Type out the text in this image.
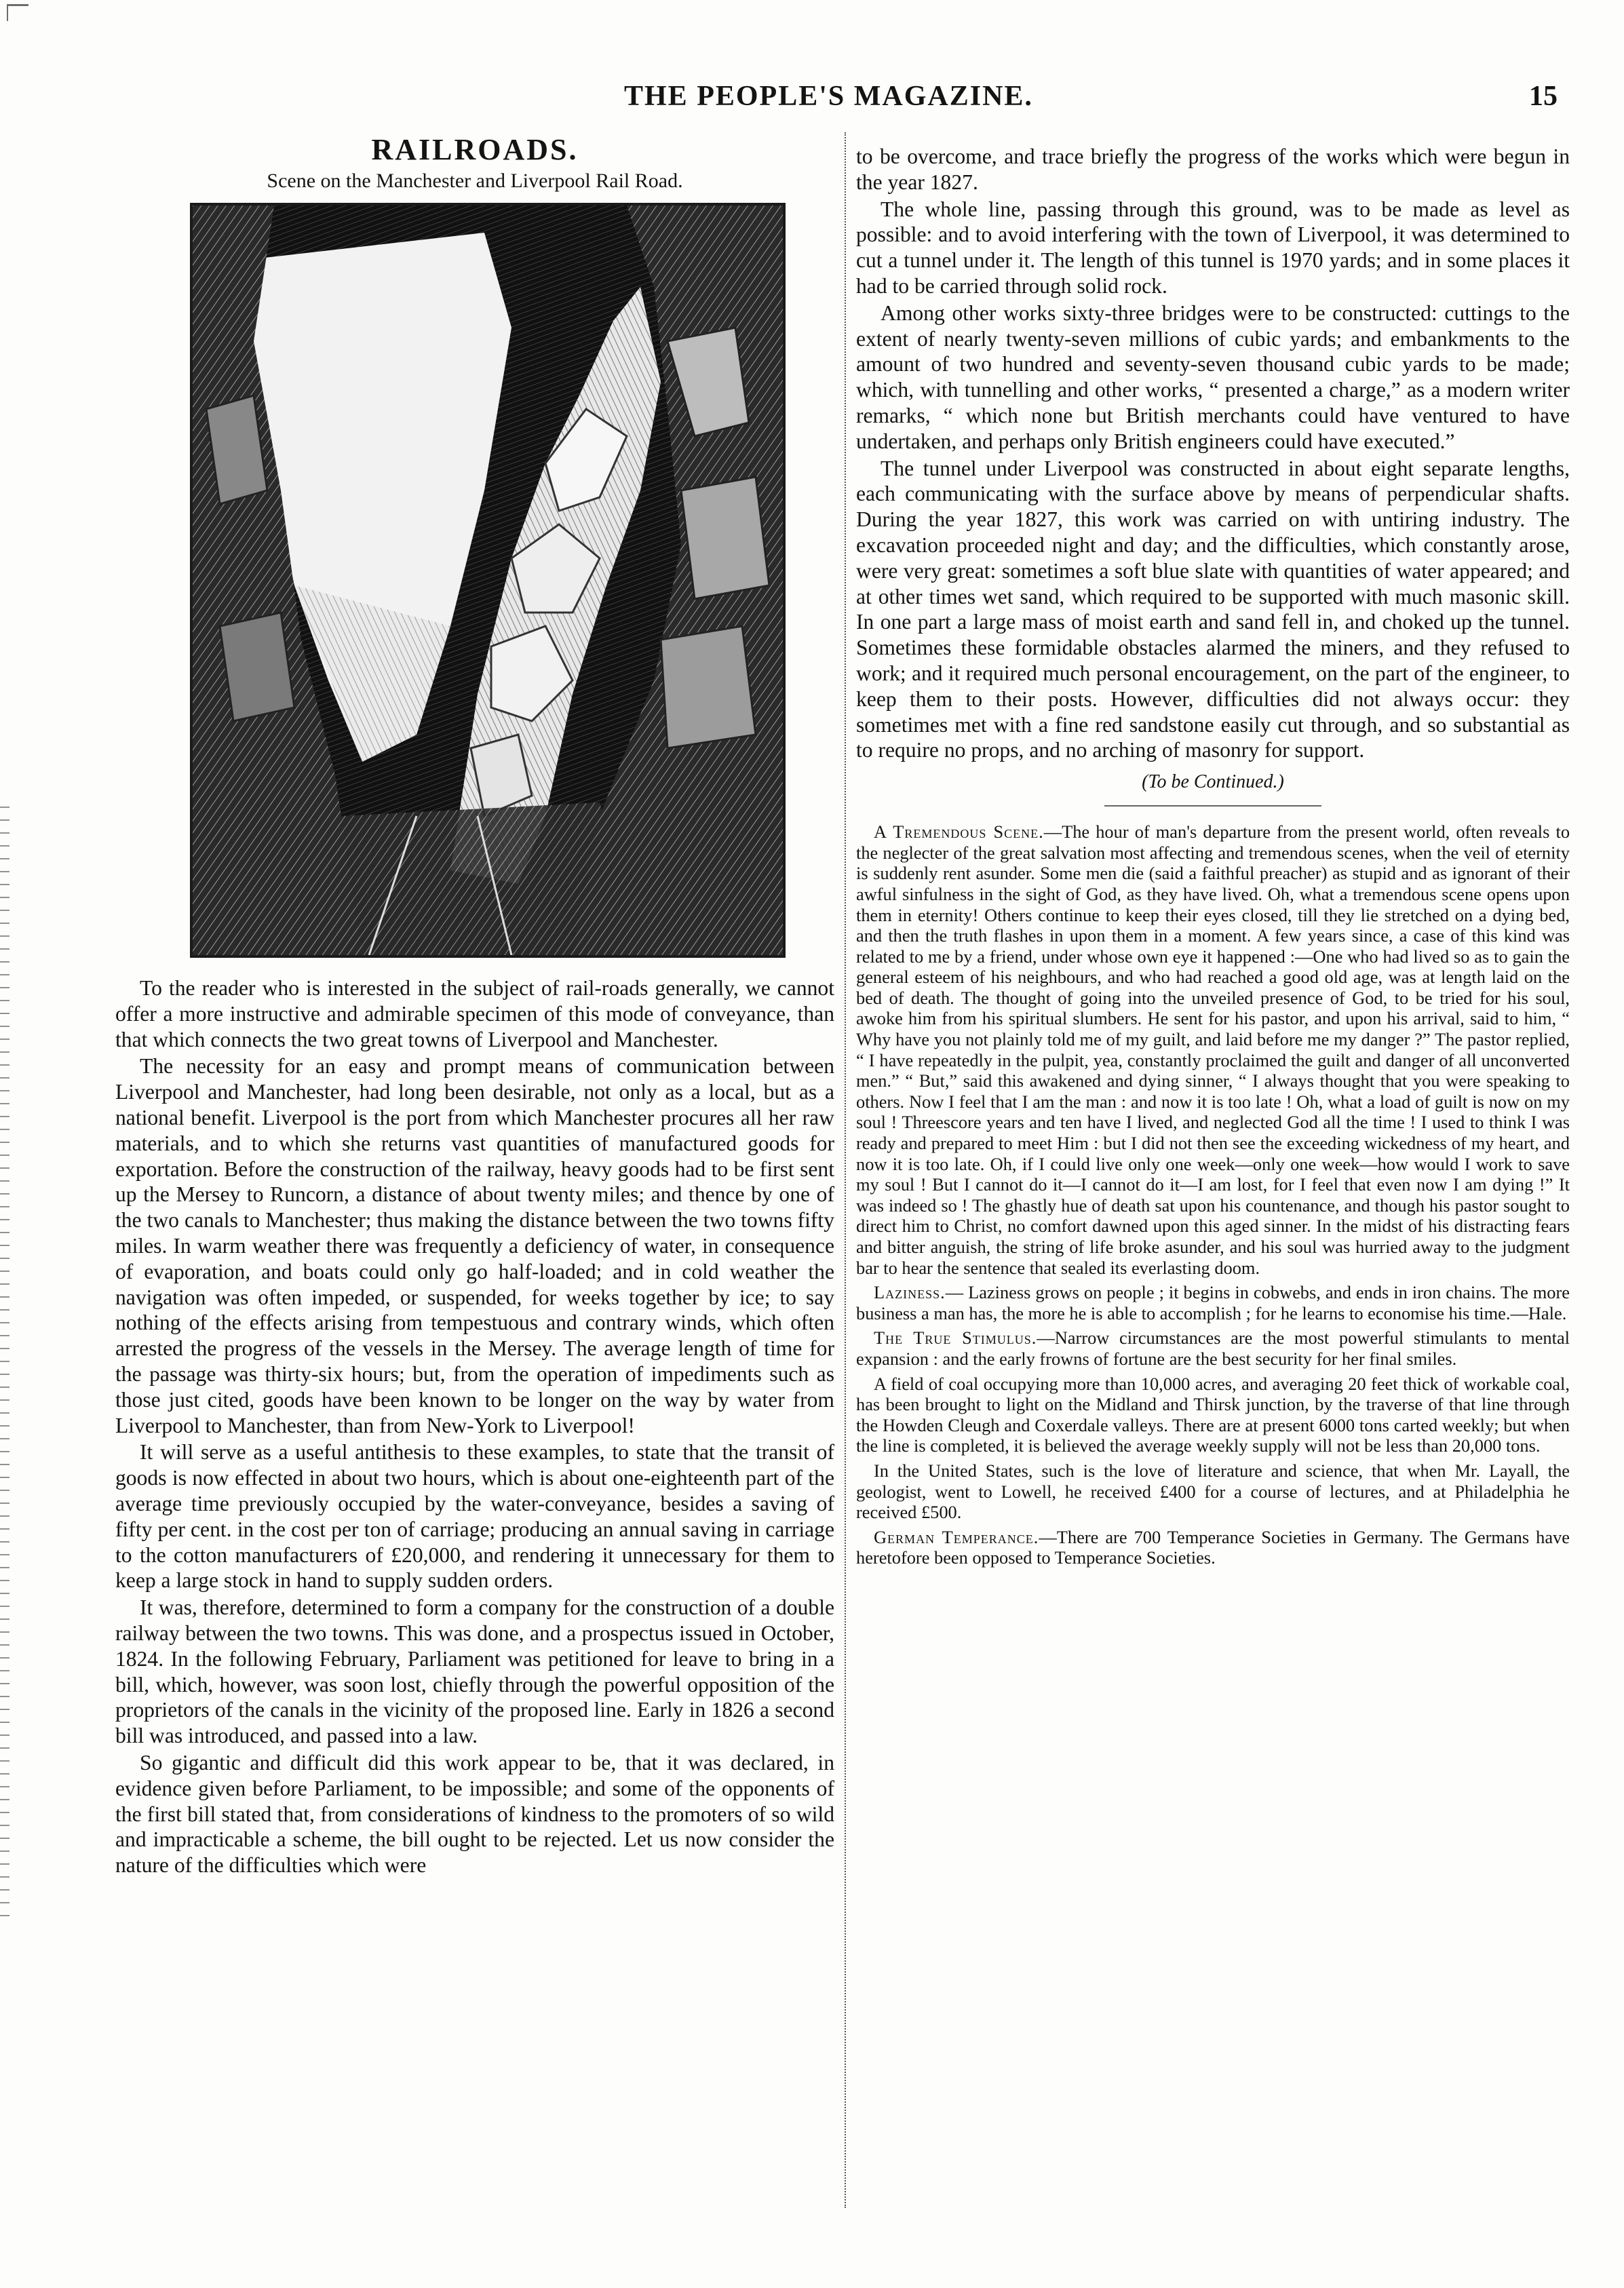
THE PEOPLE'S MAGAZINE.	15
RAILROADS.
Scene on the Manchester and Liverpool Rail Road.

To the reader who is interested in the subject of rail-roads generally, we cannot offer a more instructive and admirable specimen of this mode of conveyance, than that which connects the two great towns of Liverpool and Manchester.

The necessity for an easy and prompt means of communication between Liverpool and Manchester, had long been desirable, not only as a local, but as a national benefit. Liverpool is the port from which Manchester procures all her raw materials, and to which she returns vast quantities of manufactured goods for exportation. Before the construction of the railway, heavy goods had to be first sent up the Mersey to Runcorn, a distance of about twenty miles; and thence by one of the two canals to Manchester; thus making the distance between the two towns fifty miles. In warm weather there was frequently a deficiency of water, in consequence of evaporation, and boats could only go half-loaded; and in cold weather the navigation was often impeded, or suspended, for weeks together by ice; to say nothing of the effects arising from tempestuous and contrary winds, which often arrested the progress of the vessels in the Mersey. The average length of time for the passage was thirty-six hours; but, from the operation of impediments such as those just cited, goods have been known to be longer on the way by water from Liverpool to Manchester, than from New-York to Liverpool!

It will serve as a useful antithesis to these examples, to state that the transit of goods is now effected in about two hours, which is about one-eighteenth part of the average time previously occupied by the water-conveyance, besides a saving of fifty per cent. in the cost per ton of carriage; producing an annual saving in carriage to the cotton manufacturers of £20,000, and rendering it unnecessary for them to keep a large stock in hand to supply sudden orders.

It was, therefore, determined to form a company for the construction of a double railway between the two towns. This was done, and a prospectus issued in October, 1824. In the following February, Parliament was petitioned for leave to bring in a bill, which, however, was soon lost, chiefly through the powerful opposition of the proprietors of the canals in the vicinity of the proposed line. Early in 1826 a second bill was introduced, and passed into a law.

So gigantic and difficult did this work appear to be, that it was declared, in evidence given before Parliament, to be impossible; and some of the opponents of the first bill stated that, from considerations of kindness to the promoters of so wild and impracticable a scheme, the bill ought to be rejected. Let us now consider the nature of the difficulties which were

to be overcome, and trace briefly the progress of the works which were begun in the year 1827.

The whole line, passing through this ground, was to be made as level as possible: and to avoid interfering with the town of Liverpool, it was determined to cut a tunnel under it. The length of this tunnel is 1970 yards; and in some places it had to be carried through solid rock.

Among other works sixty-three bridges were to be constructed: cuttings to the extent of nearly twenty-seven millions of cubic yards; and embankments to the amount of two hundred and seventy-seven thousand cubic yards to be made; which, with tunnelling and other works, “ presented a charge,” as a modern writer remarks, “ which none but British merchants could have ventured to have undertaken, and perhaps only British engineers could have executed.”

The tunnel under Liverpool was constructed in about eight separate lengths, each communicating with the surface above by means of perpendicular shafts. During the year 1827, this work was carried on with untiring industry. The excavation proceeded night and day; and the difficulties, which constantly arose, were very great: sometimes a soft blue slate with quantities of water appeared; and at other times wet sand, which required to be supported with much masonic skill. In one part a large mass of moist earth and sand fell in, and choked up the tunnel. Sometimes these formidable obstacles alarmed the miners, and they refused to work; and it required much personal encouragement, on the part of the engineer, to keep them to their posts. However, difficulties did not always occur: they sometimes met with a fine red sandstone easily cut through, and so substantial as to require no props, and no arching of masonry for support.

(To be Continued.)

A Tremendous Scene.—The hour of man's departure from the present world, often reveals to the neglecter of the great salvation most affecting and tremendous scenes, when the veil of eternity is suddenly rent asunder. Some men die (said a faithful preacher) as stupid and as ignorant of their awful sinfulness in the sight of God, as they have lived. Oh, what a tremendous scene opens upon them in eternity! Others continue to keep their eyes closed, till they lie stretched on a dying bed, and then the truth flashes in upon them in a moment. A few years since, a case of this kind was related to me by a friend, under whose own eye it happened :—One who had lived so as to gain the general esteem of his neighbours, and who had reached a good old age, was at length laid on the bed of death. The thought of going into the unveiled presence of God, to be tried for his soul, awoke him from his spiritual slumbers. He sent for his pastor, and upon his arrival, said to him, “ Why have you not plainly told me of my guilt, and laid before me my danger ?” The pastor replied, “ I have repeatedly in the pulpit, yea, constantly proclaimed the guilt and danger of all unconverted men.” “ But,” said this awakened and dying sinner, “ I always thought that you were speaking to others. Now I feel that I am the man : and now it is too late ! Oh, what a load of guilt is now on my soul ! Threescore years and ten have I lived, and neglected God all the time ! I used to think I was ready and prepared to meet Him : but I did not then see the exceeding wickedness of my heart, and now it is too late. Oh, if I could live only one week—only one week—how would I work to save my soul ! But I cannot do it—I cannot do it—I am lost, for I feel that even now I am dying !” It was indeed so ! The ghastly hue of death sat upon his countenance, and though his pastor sought to direct him to Christ, no comfort dawned upon this aged sinner. In the midst of his distracting fears and bitter anguish, the string of life broke asunder, and his soul was hurried away to the judgment bar to hear the sentence that sealed its everlasting doom.

Laziness.— Laziness grows on people ; it begins in cobwebs, and ends in iron chains. The more business a man has, the more he is able to accomplish ; for he learns to economise his time.—Hale.

The True Stimulus.—Narrow circumstances are the most powerful stimulants to mental expansion : and the early frowns of fortune are the best security for her final smiles.

A field of coal occupying more than 10,000 acres, and averaging 20 feet thick of workable coal, has been brought to light on the Midland and Thirsk junction, by the traverse of that line through the Howden Cleugh and Coxerdale valleys. There are at present 6000 tons carted weekly; but when the line is completed, it is believed the average weekly supply will not be less than 20,000 tons.

In the United States, such is the love of literature and science, that when Mr. Layall, the geologist, went to Lowell, he received £400 for a course of lectures, and at Philadelphia he received £500.

German Temperance.—There are 700 Temperance Societies in Germany. The Germans have heretofore been opposed to Temperance Societies.
